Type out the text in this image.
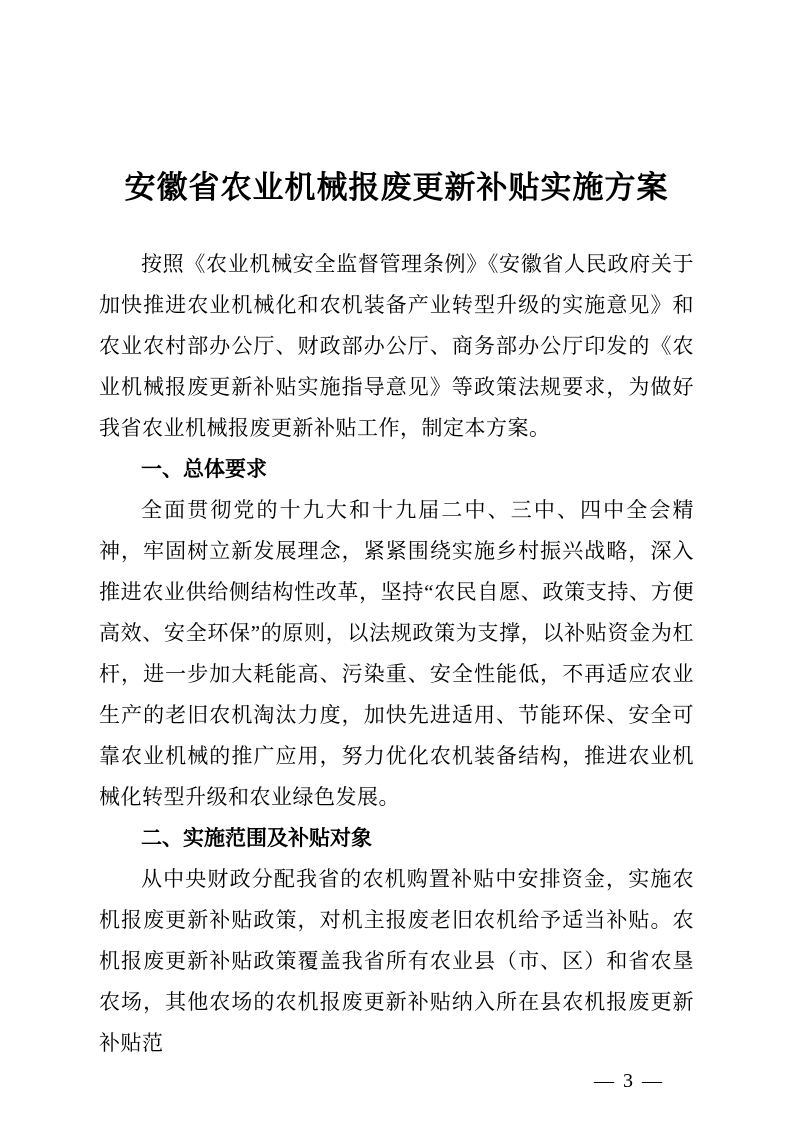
安徽省农业机械报废更新补贴实施方案

按照《农业机械安全监督管理条例》《安徽省人民政府关于加快推进农业机械化和农机装备产业转型升级的实施意见》和农业农村部办公厅、财政部办公厅、商务部办公厅印发的《农业机械报废更新补贴实施指导意见》等政策法规要求，为做好我省农业机械报废更新补贴工作，制定本方案。

一、总体要求

全面贯彻党的十九大和十九届二中、三中、四中全会精神，牢固树立新发展理念，紧紧围绕实施乡村振兴战略，深入推进农业供给侧结构性改革，坚持“农民自愿、政策支持、方便高效、安全环保”的原则，以法规政策为支撑，以补贴资金为杠杆，进一步加大耗能高、污染重、安全性能低，不再适应农业生产的老旧农机淘汰力度，加快先进适用、节能环保、安全可靠农业机械的推广应用，努力优化农机装备结构，推进农业机械化转型升级和农业绿色发展。

二、实施范围及补贴对象

从中央财政分配我省的农机购置补贴中安排资金，实施农机报废更新补贴政策，对机主报废老旧农机给予适当补贴。农机报废更新补贴政策覆盖我省所有农业县（市、区）和省农垦农场，其他农场的农机报废更新补贴纳入所在县农机报废更新补贴范

— 3 —
